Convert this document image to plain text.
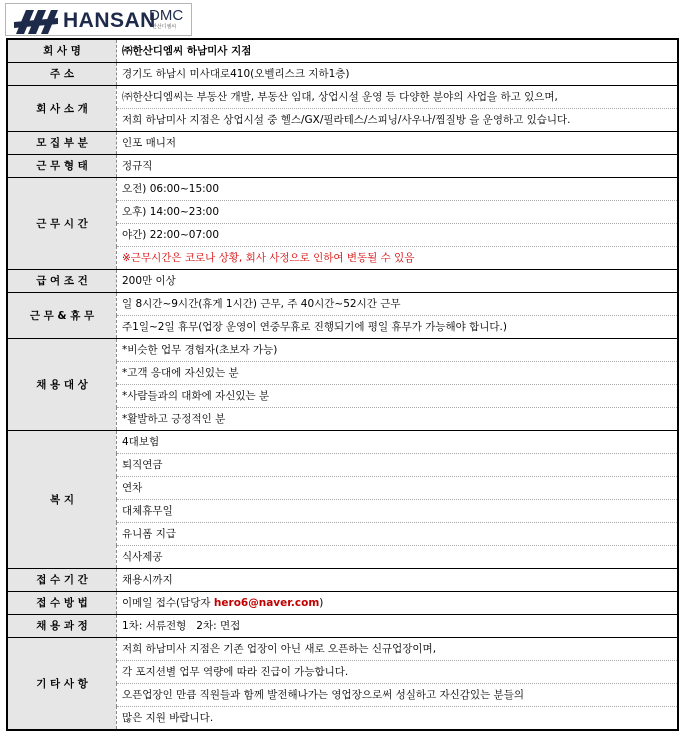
HANSAN
DMC
한산디엠씨
회 사 명	㈜한산디엠씨 하남미사 지점
주 소	경기도 하남시 미사대로410(오벨리스크 지하1층)
회 사 소 개	㈜한산디엠씨는 부동산 개발, 부동산 임대, 상업시설 운영 등 다양한 분야의 사업을 하고 있으며,
	저희 하남미사 지점은 상업시설 중 헬스/GX/필라테스/스피닝/사우나/찜질방 을 운영하고 있습니다.
모 집 부 분	인포 매니저
근 무 형 태	정규직
근 무 시 간	오전) 06:00~15:00
	오후) 14:00~23:00
	야간) 22:00~07:00
	※근무시간은 코로나 상황, 회사 사정으로 인하여 변동될 수 있음
급 여 조 건	200만 이상
근 무 & 휴 무	일 8시간~9시간(휴게 1시간) 근무, 주 40시간~52시간 근무
	주1일~2일 휴무(업장 운영이 연중무휴로 진행되기에 평일 휴무가 가능해야 합니다.)
채 용 대 상	*비슷한 업무 경험자(초보자 가능)
	*고객 응대에 자신있는 분
	*사람들과의 대화에 자신있는 분
	*활발하고 긍정적인 분
복 지	4대보험
	퇴직연금
	연차
	대체휴무일
	유니폼 지급
	식사제공
접 수 기 간	채용시까지
접 수 방 법	이메일 접수(담당자 hero6@naver.com)
채 용 과 정	1차: 서류전형   2차: 면접
기 타 사 항	저희 하남미사 지점은 기존 업장이 아닌 새로 오픈하는 신규업장이며,
	각 포지션별 업무 역량에 따라 진급이 가능합니다.
	오픈업장인 만큼 직원들과 함께 발전해나가는 영업장으로써 성실하고 자신감있는 분들의
	많은 지원 바랍니다.
